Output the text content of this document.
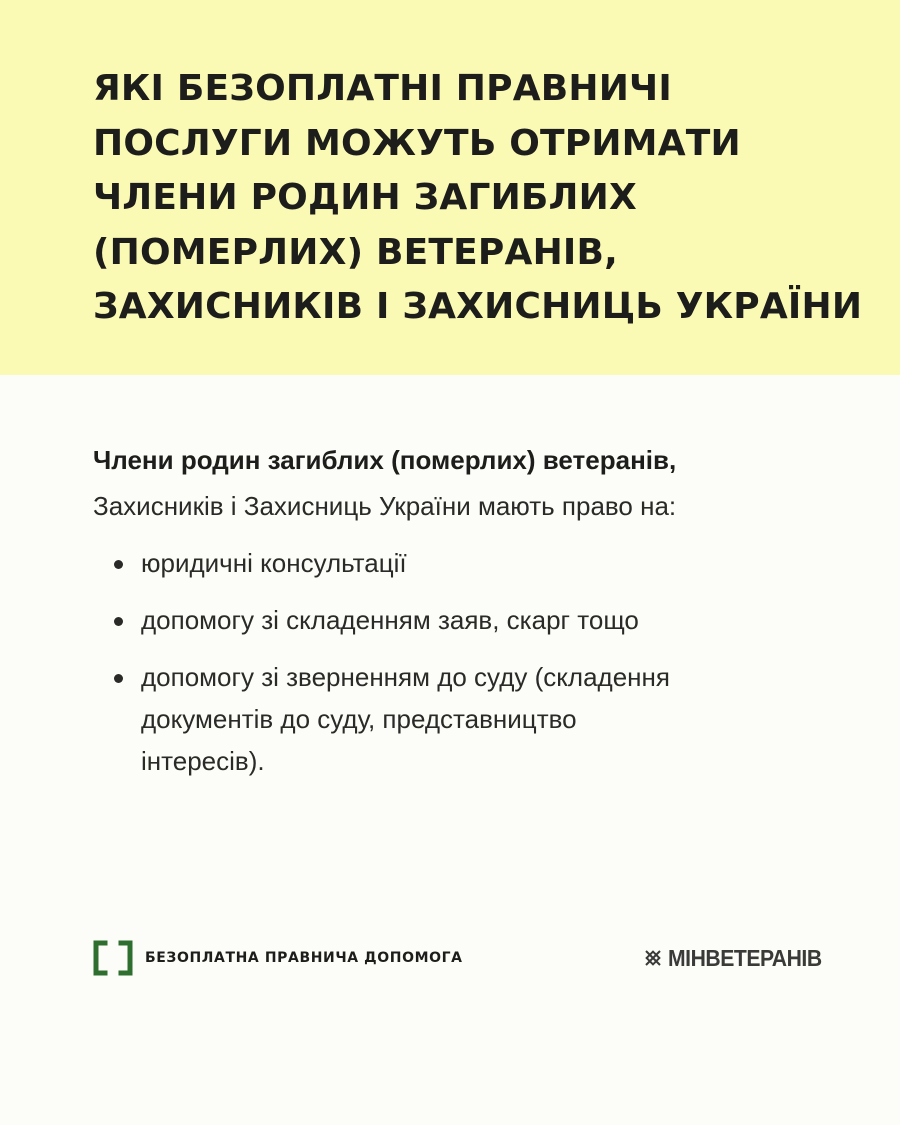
ЯКІ БЕЗОПЛАТНІ ПРАВНИЧІ
ПОСЛУГИ МОЖУТЬ ОТРИМАТИ
ЧЛЕНИ РОДИН ЗАГИБЛИХ
(ПОМЕРЛИХ) ВЕТЕРАНІВ,
ЗАХИСНИКІВ І ЗАХИСНИЦЬ УКРАЇНИ
Члени родин загиблих (померлих) ветеранів,
Захисників і Захисниць України мають право на:
юридичні консультації
допомогу зі складенням заяв, скарг тощо
допомогу зі зверненням до суду (складення
документів до суду, представництво
інтересів).
БЕЗОПЛАТНА ПРАВНИЧА ДОПОМОГА	МІНВЕТЕРАНІВ
